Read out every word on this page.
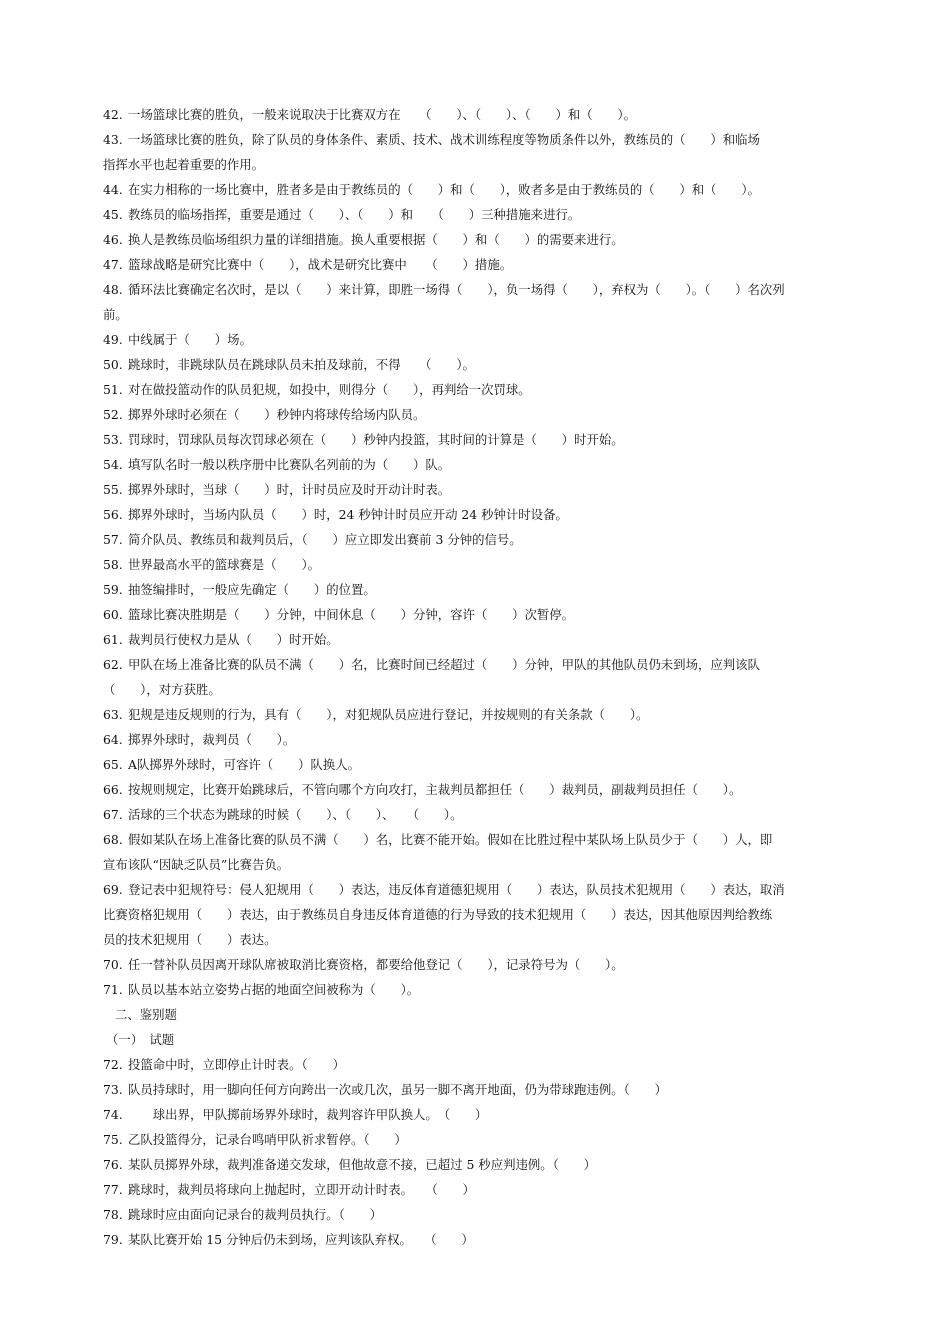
42. 一场篮球比赛的胜负，一般来说取决于比赛双方在　　（　　）、（　　）、（　　）和（　　）。
43. 一场篮球比赛的胜负，除了队员的身体条件、素质、技术、战术训练程度等物质条件以外，教练员的（　　）和临场
指挥水平也起着重要的作用。
44. 在实力相称的一场比赛中，胜者多是由于教练员的（　　）和（　　），败者多是由于教练员的（　　）和（　　）。
45. 教练员的临场指挥，重要是通过（　　）、（　　）和　　（　　）三种措施来进行。
46. 换人是教练员临场组织力量的详细措施。换人重要根据（　　）和（　　）的需要来进行。
47. 篮球战略是研究比赛中（　　），战术是研究比赛中　　（　　）措施。
48. 循环法比赛确定名次时，是以（　　）来计算，即胜一场得（　　），负一场得（　　），弃权为（　　）。（　　）名次列
前。
49. 中线属于（　　）场。
50. 跳球时，非跳球队员在跳球队员未拍及球前，不得　　（　　）。
51. 对在做投篮动作的队员犯规，如投中，则得分（　　），再判给一次罚球。
52. 掷界外球时必须在（　　）秒钟内将球传给场内队员。
53. 罚球时，罚球队员每次罚球必须在（　　）秒钟内投篮，其时间的计算是（　　）时开始。
54. 填写队名时一般以秩序册中比赛队名列前的为（　　）队。
55. 掷界外球时，当球（　　）时，计时员应及时开动计时表。
56. 掷界外球时，当场内队员（　　）时，24 秒钟计时员应开动 24 秒钟计时设备。
57. 简介队员、教练员和裁判员后，（　　）应立即发出赛前 3 分钟的信号。
58. 世界最高水平的篮球赛是（　　）。
59. 抽签编排时，一般应先确定（　　）的位置。
60. 篮球比赛决胜期是（　　）分钟，中间休息（　　）分钟，容许（　　）次暂停。
61. 裁判员行使权力是从（　　）时开始。
62. 甲队在场上准备比赛的队员不满（　　）名，比赛时间已经超过（　　）分钟，甲队的其他队员仍未到场，应判该队
（　　），对方获胜。
63. 犯规是违反规则的行为，具有（　　），对犯规队员应进行登记，并按规则的有关条款（　　）。
64. 掷界外球时，裁判员（　　）。
65. A队掷界外球时，可容许（　　）队换人。
66. 按规则规定，比赛开始跳球后，不管向哪个方向攻打，主裁判员都担任（　　）裁判员，副裁判员担任（　　）。
67. 活球的三个状态为跳球的时候（　　）、（　　）、　　（　　）。
68. 假如某队在场上准备比赛的队员不满（　　）名，比赛不能开始。假如在比胜过程中某队场上队员少于（　　）人，即
宣布该队“因缺乏队员”比赛告负。
69. 登记表中犯规符号：侵人犯规用（　　）表达，违反体育道德犯规用（　　）表达，队员技术犯规用（　　）表达，取消
比赛资格犯规用（　　）表达，由于教练员自身违反体育道德的行为导致的技术犯规用（　　）表达，因其他原因判给教练
员的技术犯规用（　　）表达。
70. 任一替补队员因离开球队席被取消比赛资格，都要给他登记（　　），记录符号为（　　）。
71. 队员以基本站立姿势占据的地面空间被称为（　　）。
二、鉴别题
（一）　试题
72. 投篮命中时，立即停止计时表。（　　）
73. 队员持球时，用一脚向任何方向跨出一次或几次，虽另一脚不离开地面，仍为带球跑违例。（　　）
74. 　　球出界，甲队掷前场界外球时，裁判容许甲队换人。　（　　）
75. 乙队投篮得分，记录台鸣哨甲队祈求暂停。（　　）
76. 某队员掷界外球，裁判准备递交发球，但他故意不接，已超过 5 秒应判违例。（　　）
77. 跳球时，裁判员将球向上抛起时，立即开动计时表。　　（　　）
78. 跳球时应由面向记录台的裁判员执行。（　　）
79. 某队比赛开始 15 分钟后仍未到场，应判该队弃权。　　（　　）
